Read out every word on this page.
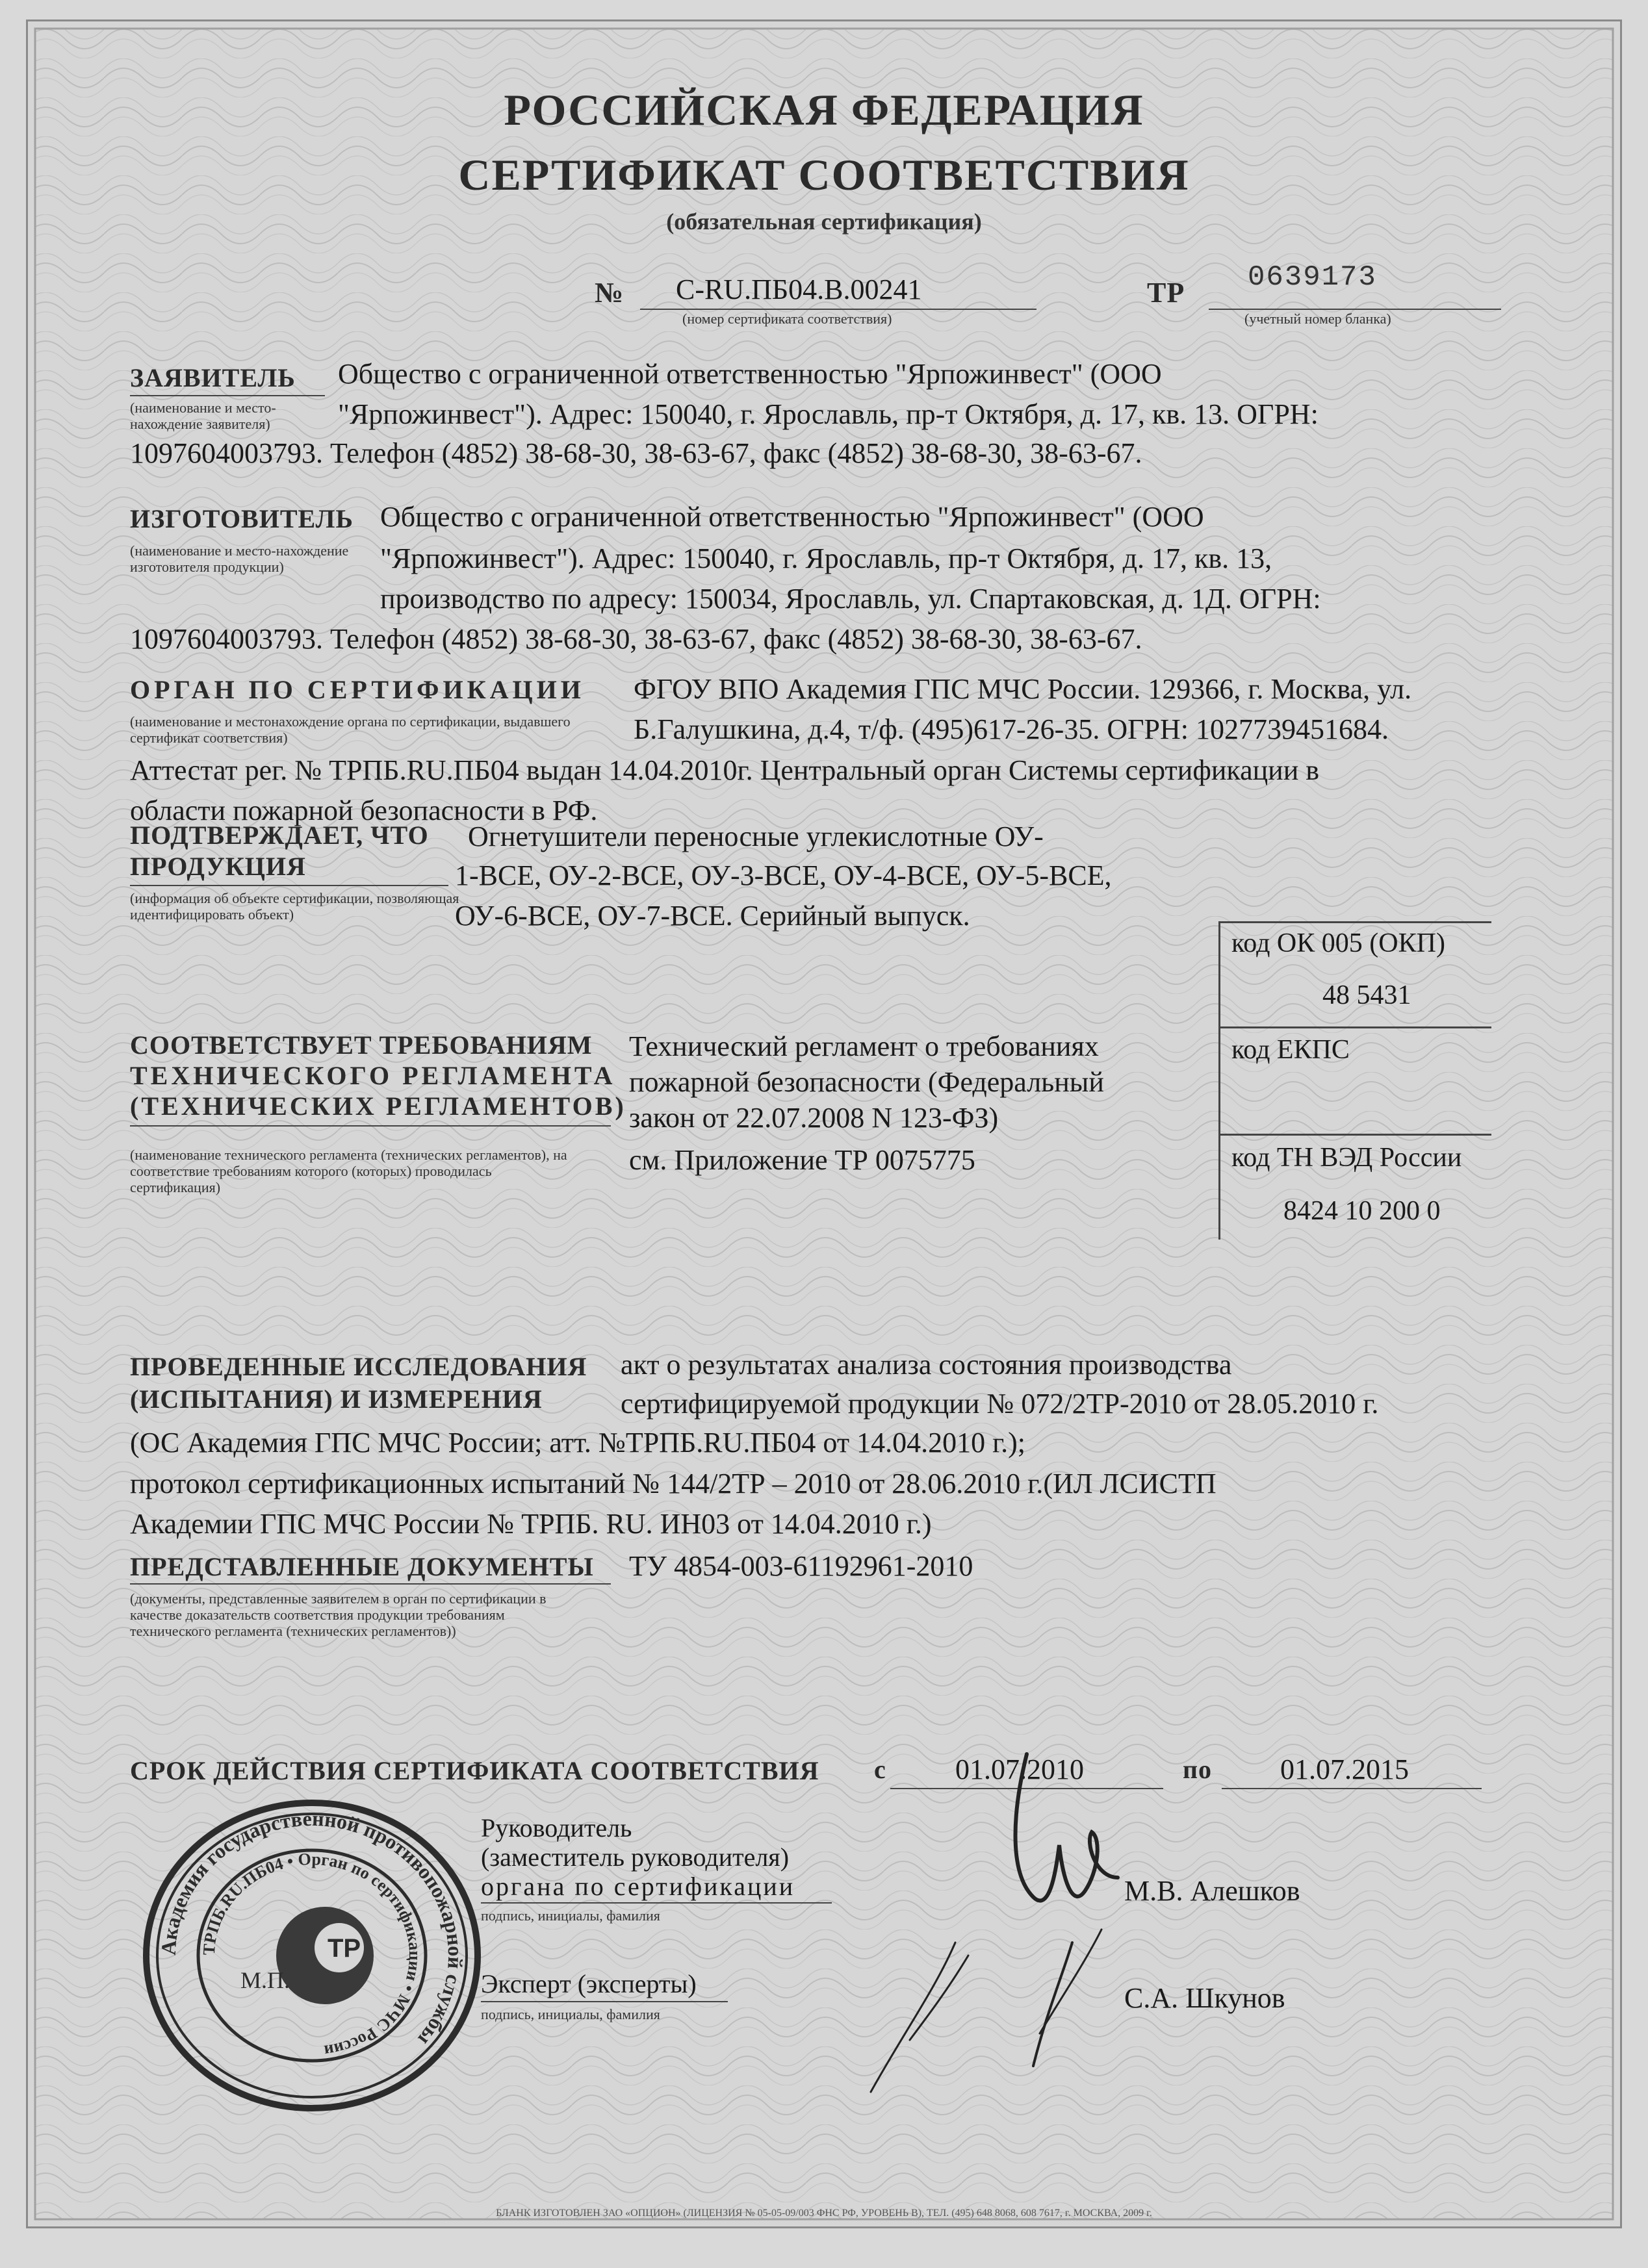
РОССИЙСКАЯ ФЕДЕРАЦИЯ
СЕРТИФИКАТ СООТВЕТСТВИЯ
(обязательная сертификация)
№ C-RU.ПБ04.B.00241
(номер сертификата соответствия)
ТР 0639173
(учетный номер бланка)
ЗАЯВИТЕЛЬ
(наименование и место-нахождение заявителя)
Общество с ограниченной ответственностью "Ярпожинвест" (ООО
"Ярпожинвест"). Адрес: 150040, г. Ярославль, пр-т Октября, д. 17, кв. 13. ОГРН:
1097604003793. Телефон (4852) 38-68-30, 38-63-67, факс (4852) 38-68-30, 38-63-67.
ИЗГОТОВИТЕЛЬ
(наименование и место-нахождение изготовителя продукции)
Общество с ограниченной ответственностью "Ярпожинвест" (ООО
"Ярпожинвест"). Адрес: 150040, г. Ярославль, пр-т Октября, д. 17, кв. 13,
производство по адресу: 150034, Ярославль, ул. Спартаковская, д. 1Д. ОГРН:
1097604003793. Телефон (4852) 38-68-30, 38-63-67, факс (4852) 38-68-30, 38-63-67.
ОРГАН ПО СЕРТИФИКАЦИИ
(наименование и местонахождение органа по сертификации, выдавшего сертификат соответствия)
ФГОУ ВПО Академия ГПС МЧС России. 129366, г. Москва, ул.
Б.Галушкина, д.4, т/ф. (495)617-26-35. ОГРН: 1027739451684.
Аттестат рег. № ТРПБ.RU.ПБ04 выдан 14.04.2010г. Центральный орган Системы сертификации в
области пожарной безопасности в РФ.
ПОДТВЕРЖДАЕТ, ЧТО
ПРОДУКЦИЯ
(информация об объекте сертификации, позволяющая идентифицировать объект)
Огнетушители переносные углекислотные ОУ-
1-ВСЕ, ОУ-2-ВСЕ, ОУ-3-ВСЕ, ОУ-4-ВСЕ, ОУ-5-ВСЕ,
ОУ-6-ВСЕ, ОУ-7-ВСЕ. Серийный выпуск.
код ОК 005 (ОКП)
48 5431
код ЕКПС
код ТН ВЭД России
8424 10 200 0
СООТВЕТСТВУЕТ ТРЕБОВАНИЯМ
ТЕХНИЧЕСКОГО РЕГЛАМЕНТА
(ТЕХНИЧЕСКИХ РЕГЛАМЕНТОВ)
(наименование технического регламента (технических регламентов), на соответствие требованиям которого (которых) проводилась сертификация)
Технический регламент о требованиях
пожарной безопасности (Федеральный
закон от 22.07.2008 N 123-ФЗ)
см. Приложение ТР 0075775
ПРОВЕДЕННЫЕ ИССЛЕДОВАНИЯ
(ИСПЫТАНИЯ) И ИЗМЕРЕНИЯ
акт о результатах анализа состояния производства
сертифицируемой продукции № 072/2ТР-2010 от 28.05.2010 г.
(ОС Академия ГПС МЧС России; атт. №ТРПБ.RU.ПБ04 от 14.04.2010 г.);
протокол сертификационных испытаний № 144/2ТР – 2010 от 28.06.2010 г.(ИЛ ЛСИСТП
Академии ГПС МЧС России № ТРПБ. RU. ИН03 от 14.04.2010 г.)
ПРЕДСТАВЛЕННЫЕ ДОКУМЕНТЫ ТУ 4854-003-61192961-2010
(документы, представленные заявителем в орган по сертификации в качестве доказательств соответствия продукции требованиям технического регламента (технических регламентов))
СРОК ДЕЙСТВИЯ СЕРТИФИКАТА СООТВЕТСТВИЯ с 01.07.2010	по 01.07.2015
Руководитель
(заместитель руководителя)
органа по сертификации
подпись, инициалы, фамилия
М.В. Алешков
Эксперт (эксперты)
подпись, инициалы, фамилия
С.А. Шкунов
Академия государственной противопожарной службы
ТРПБ.RU.ПБ04 • Орган по сертификации • МЧС России
ТР
М.П.
БЛАНК ИЗГОТОВЛЕН ЗАО «ОПЦИОН» (ЛИЦЕНЗИЯ № 05-05-09/003 ФНС РФ, УРОВЕНЬ В), ТЕЛ. (495) 648 8068, 608 7617, г. МОСКВА, 2009 г.
